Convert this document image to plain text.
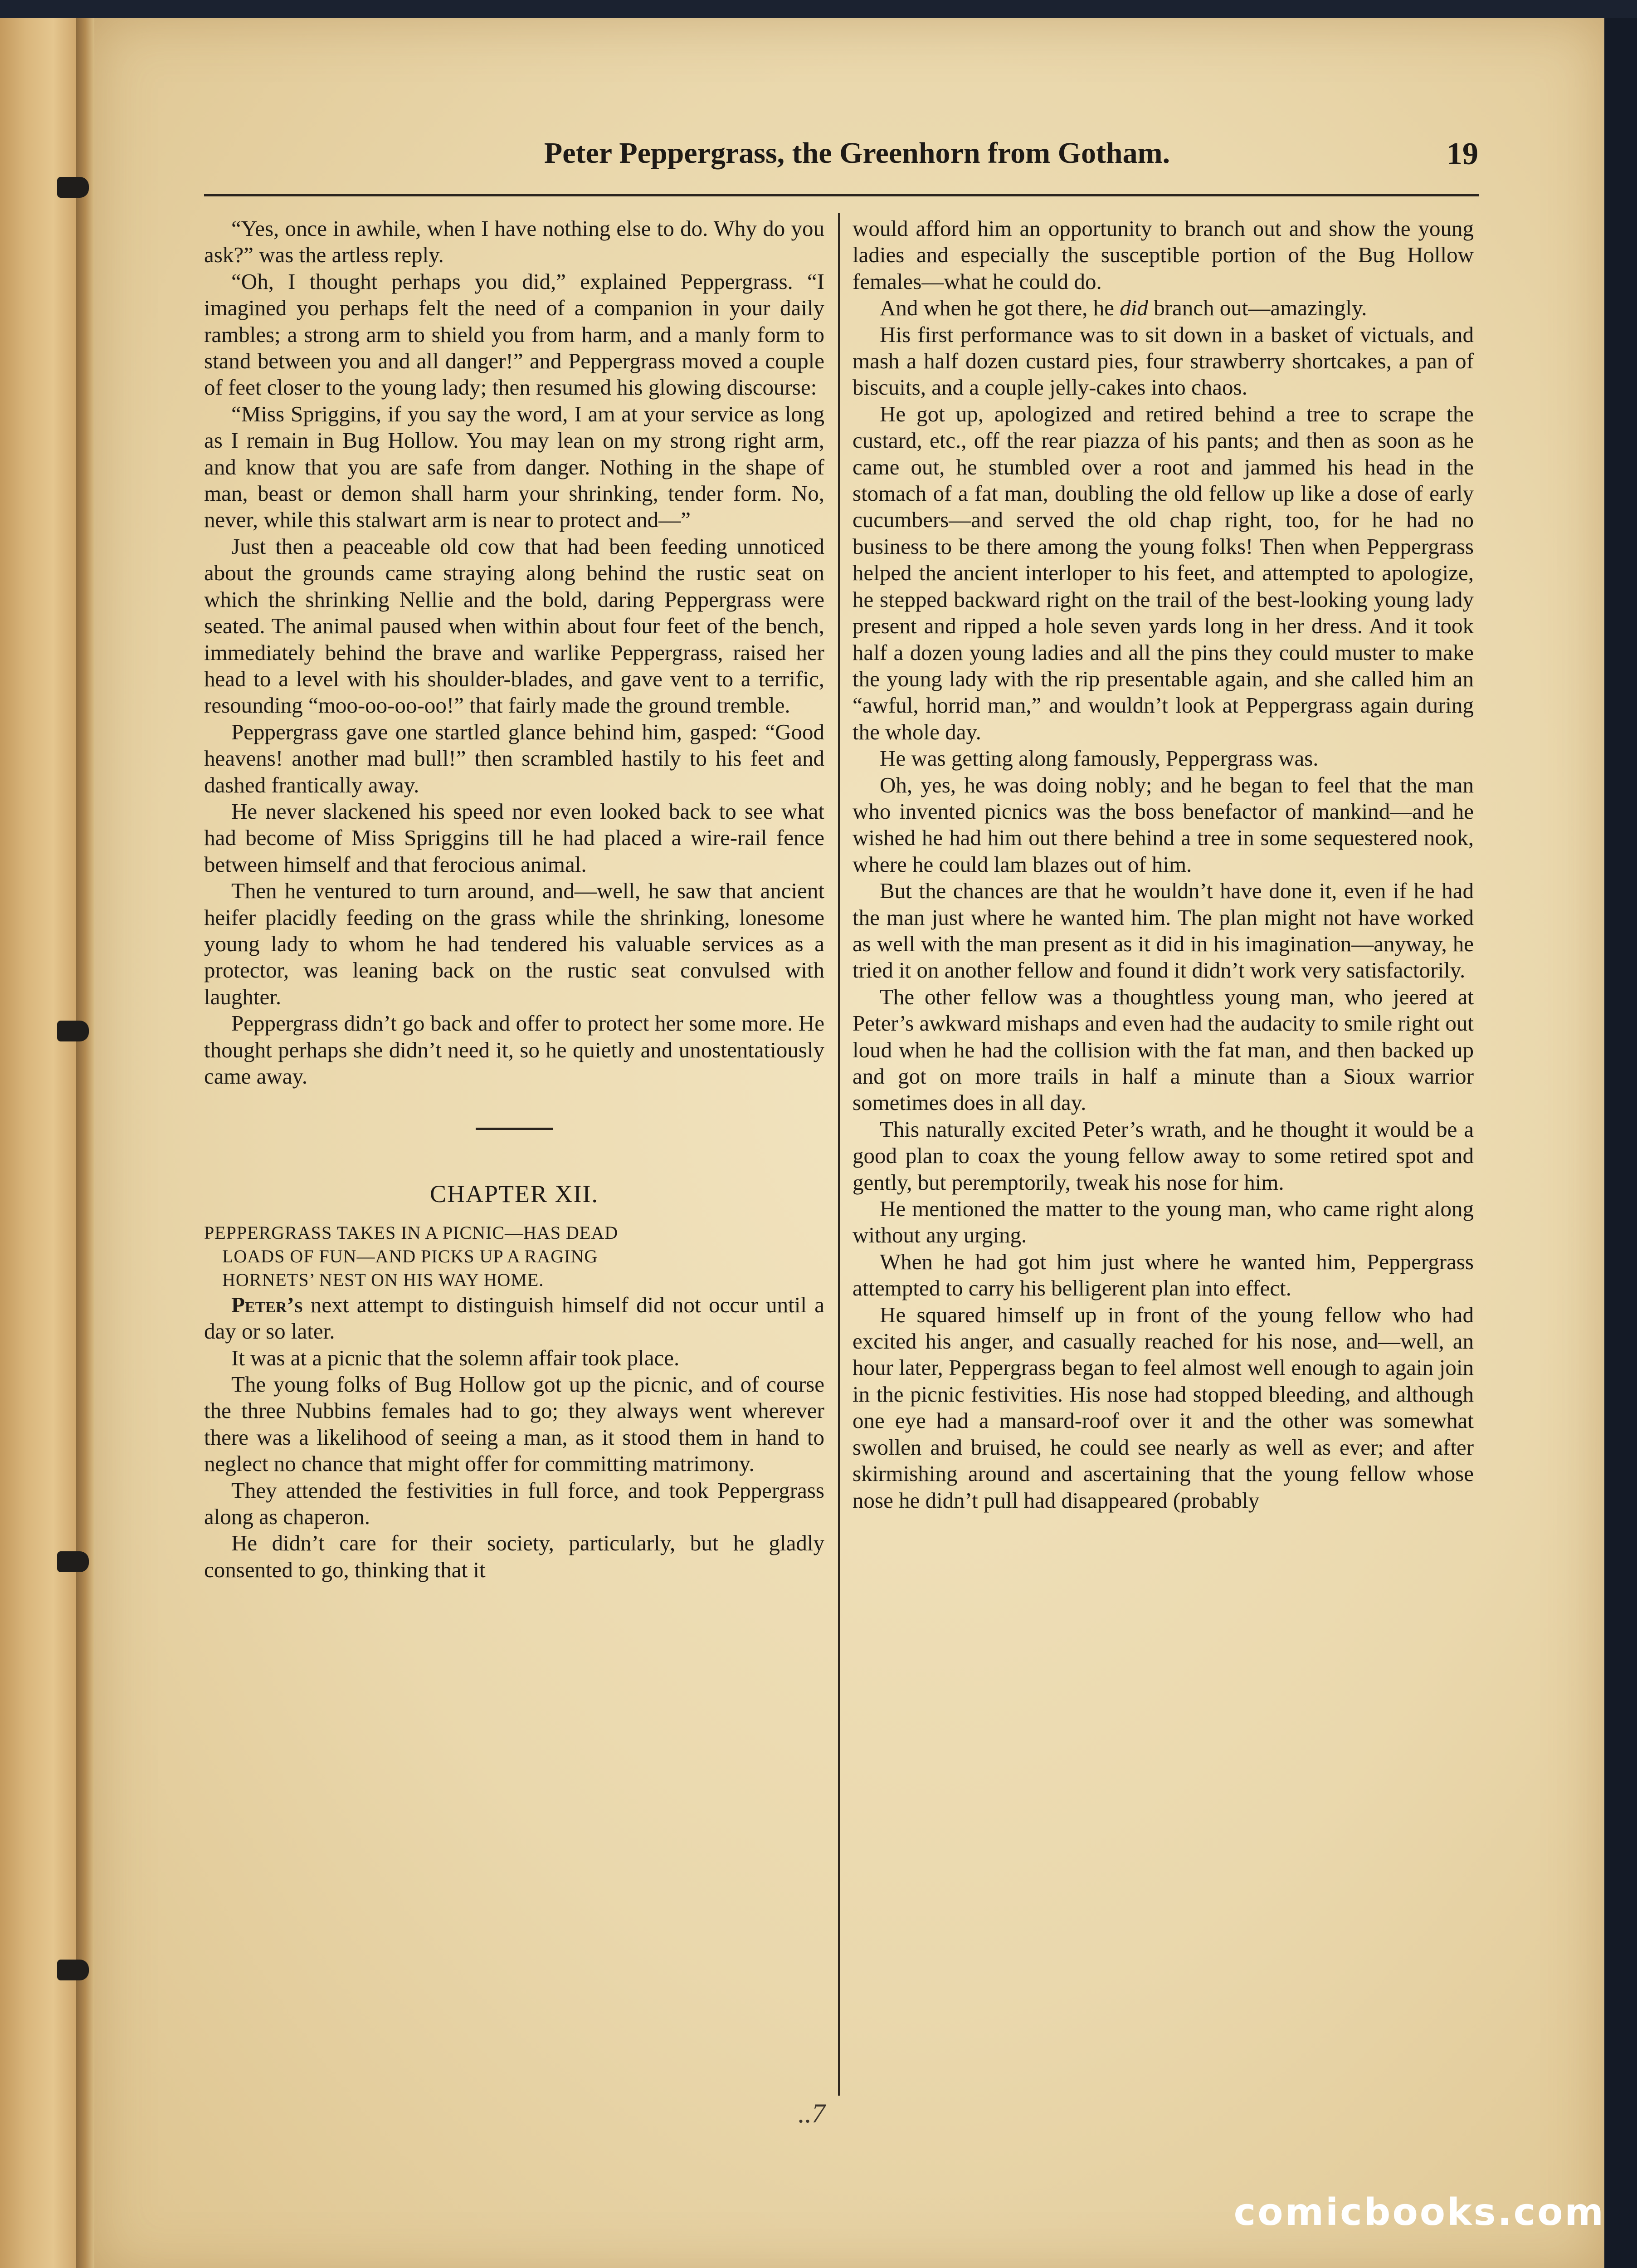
Peter Peppergrass, the Greenhorn from Gotham.	19

“Yes, once in awhile, when I have nothing else to do. Why do you ask?” was the artless reply.

“Oh, I thought perhaps you did,” explained Peppergrass. “I imagined you perhaps felt the need of a companion in your daily rambles; a strong arm to shield you from harm, and a manly form to stand between you and all danger!” and Peppergrass moved a couple of feet closer to the young lady; then resumed his glowing discourse:

“Miss Spriggins, if you say the word, I am at your service as long as I remain in Bug Hollow. You may lean on my strong right arm, and know that you are safe from danger. Nothing in the shape of man, beast or demon shall harm your shrinking, tender form. No, never, while this stalwart arm is near to protect and—”

Just then a peaceable old cow that had been feeding unnoticed about the grounds came straying along behind the rustic seat on which the shrinking Nellie and the bold, daring Peppergrass were seated. The animal paused when within about four feet of the bench, immediately behind the brave and warlike Peppergrass, raised her head to a level with his shoulder-blades, and gave vent to a terrific, resounding “moo-oo-oo-oo!” that fairly made the ground tremble.

Peppergrass gave one startled glance behind him, gasped: “Good heavens! another mad bull!” then scrambled hastily to his feet and dashed frantically away.

He never slackened his speed nor even looked back to see what had become of Miss Spriggins till he had placed a wire-rail fence between himself and that ferocious animal.

Then he ventured to turn around, and—well, he saw that ancient heifer placidly feeding on the grass while the shrinking, lonesome young lady to whom he had tendered his valuable services as a protector, was leaning back on the rustic seat convulsed with laughter.

Peppergrass didn’t go back and offer to protect her some more. He thought perhaps she didn’t need it, so he quietly and unostentatiously came away.

CHAPTER XII.

PEPPERGRASS TAKES IN A PICNIC—HAS DEAD
LOADS OF FUN—AND PICKS UP A RAGING
HORNETS’ NEST ON HIS WAY HOME.

Peter’s next attempt to distinguish himself did not occur until a day or so later.

It was at a picnic that the solemn affair took place.

The young folks of Bug Hollow got up the picnic, and of course the three Nubbins females had to go; they always went wherever there was a likelihood of seeing a man, as it stood them in hand to neglect no chance that might offer for committing matrimony.

They attended the festivities in full force, and took Peppergrass along as chaperon.

He didn’t care for their society, particularly, but he gladly consented to go, thinking that it

would afford him an opportunity to branch out and show the young ladies and especially the susceptible portion of the Bug Hollow females—what he could do.

And when he got there, he did branch out—amazingly.

His first performance was to sit down in a basket of victuals, and mash a half dozen custard pies, four strawberry shortcakes, a pan of biscuits, and a couple jelly-cakes into chaos.

He got up, apologized and retired behind a tree to scrape the custard, etc., off the rear piazza of his pants; and then as soon as he came out, he stumbled over a root and jammed his head in the stomach of a fat man, doubling the old fellow up like a dose of early cucumbers—and served the old chap right, too, for he had no business to be there among the young folks! Then when Peppergrass helped the ancient interloper to his feet, and attempted to apologize, he stepped backward right on the trail of the best-looking young lady present and ripped a hole seven yards long in her dress. And it took half a dozen young ladies and all the pins they could muster to make the young lady with the rip presentable again, and she called him an “awful, horrid man,” and wouldn’t look at Peppergrass again during the whole day.

He was getting along famously, Peppergrass was.

Oh, yes, he was doing nobly; and he began to feel that the man who invented picnics was the boss benefactor of mankind—and he wished he had him out there behind a tree in some sequestered nook, where he could lam blazes out of him.

But the chances are that he wouldn’t have done it, even if he had the man just where he wanted him. The plan might not have worked as well with the man present as it did in his imagination—anyway, he tried it on another fellow and found it didn’t work very satisfactorily.

The other fellow was a thoughtless young man, who jeered at Peter’s awkward mishaps and even had the audacity to smile right out loud when he had the collision with the fat man, and then backed up and got on more trails in half a minute than a Sioux warrior sometimes does in all day.

This naturally excited Peter’s wrath, and he thought it would be a good plan to coax the young fellow away to some retired spot and gently, but peremptorily, tweak his nose for him.

He mentioned the matter to the young man, who came right along without any urging.

When he had got him just where he wanted him, Peppergrass attempted to carry his belligerent plan into effect.

He squared himself up in front of the young fellow who had excited his anger, and casually reached for his nose, and—well, an hour later, Peppergrass began to feel almost well enough to again join in the picnic festivities. His nose had stopped bleeding, and although one eye had a mansard-roof over it and the other was somewhat swollen and bruised, he could see nearly as well as ever; and after skirmishing around and ascertaining that the young fellow whose nose he didn’t pull had disappeared (probably

..7
comicbooks.com
